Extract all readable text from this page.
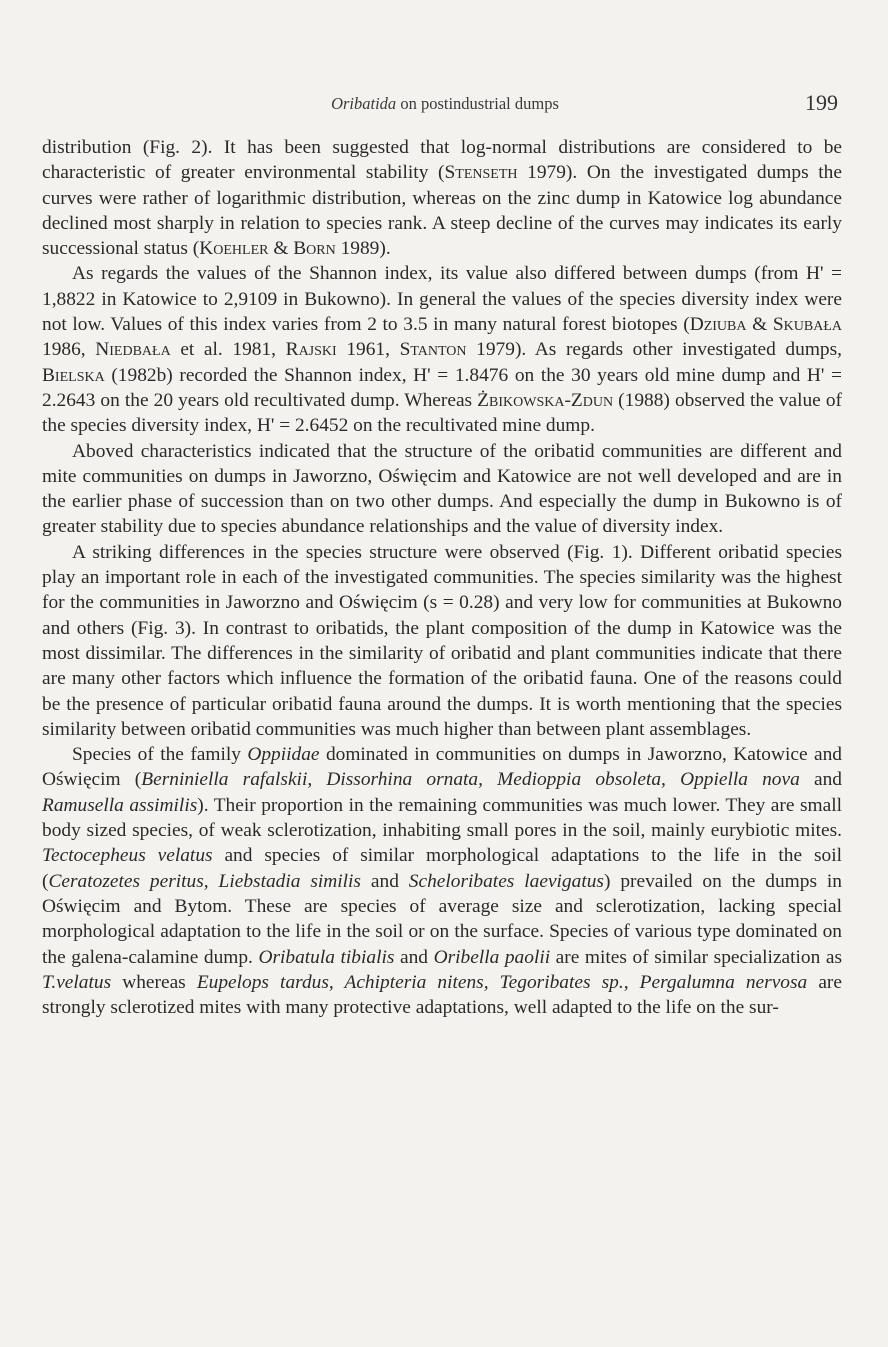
Oribatida on postindustrial dumps	199

distribution (Fig. 2). It has been suggested that log-normal distributions are considered to be characteristic of greater environmental stability (Stenseth 1979). On the investigated dumps the curves were rather of logarithmic distribution, whereas on the zinc dump in Katowice log abundance declined most sharply in relation to species rank. A steep decline of the curves may indicates its early successional status (Koehler & Born 1989).

As regards the values of the Shannon index, its value also differed between dumps (from H' = 1,8822 in Katowice to 2,9109 in Bukowno). In general the values of the species diversity index were not low. Values of this index varies from 2 to 3.5 in many natural forest biotopes (Dziuba & Skubała 1986, Niedbała et al. 1981, Rajski 1961, Stanton 1979). As regards other investigated dumps, Bielska (1982b) recorded the Shannon index, H' = 1.8476 on the 30 years old mine dump and H' = 2.2643 on the 20 years old recultivated dump. Whereas Żbikowska-Zdun (1988) observed the value of the species diversity index, H' = 2.6452 on the recultivated mine dump.

Aboved characteristics indicated that the structure of the oribatid communities are different and mite communities on dumps in Jaworzno, Oświęcim and Katowice are not well developed and are in the earlier phase of succession than on two other dumps. And especially the dump in Bukowno is of greater stability due to species abundance relationships and the value of diversity index.

A striking differences in the species structure were observed (Fig. 1). Different oribatid species play an important role in each of the investigated communities. The species similarity was the highest for the communities in Jaworzno and Oświęcim (s = 0.28) and very low for communities at Bukowno and others (Fig. 3). In contrast to oribatids, the plant composition of the dump in Katowice was the most dissimilar. The differences in the similarity of oribatid and plant communities indicate that there are many other factors which influence the formation of the oribatid fauna. One of the reasons could be the presence of particular oribatid fauna around the dumps. It is worth mentioning that the species similarity between oribatid communities was much higher than between plant assemblages.

Species of the family Oppiidae dominated in communities on dumps in Jaworzno, Katowice and Oświęcim (Berniniella rafalskii, Dissorhina ornata, Medioppia obsoleta, Oppiella nova and Ramusella assimilis). Their proportion in the remaining communities was much lower. They are small body sized species, of weak sclerotization, inhabiting small pores in the soil, mainly eurybiotic mites. Tectocepheus velatus and species of similar morphological adaptations to the life in the soil (Ceratozetes peritus, Liebstadia similis and Scheloribates laevigatus) prevailed on the dumps in Oświęcim and Bytom. These are species of average size and sclerotization, lacking special morphological adaptation to the life in the soil or on the surface. Species of various type dominated on the galena-calamine dump. Oribatula tibialis and Oribella paolii are mites of similar specialization as T.velatus whereas Eupelops tardus, Achipteria nitens, Tegoribates sp., Pergalumna nervosa are strongly sclerotized mites with many protective adaptations, well adapted to the life on the sur-
